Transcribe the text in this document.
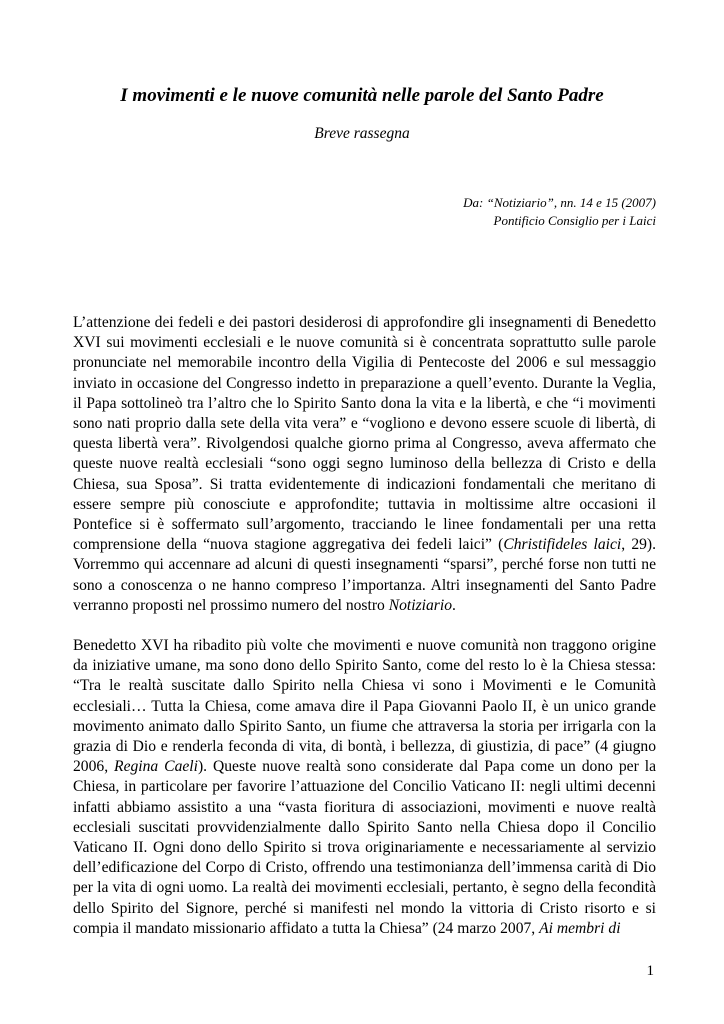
I movimenti e le nuove comunità nelle parole del Santo Padre
Breve rassegna
Da: “Notiziario”, nn. 14 e 15 (2007)
Pontificio Consiglio per i Laici

L’attenzione dei fedeli e dei pastori desiderosi di approfondire gli insegnamenti di Benedetto XVI sui movimenti ecclesiali e le nuove comunità si è concentrata soprattutto sulle parole pronunciate nel memorabile incontro della Vigilia di Pentecoste del 2006 e sul messaggio inviato in occasione del Congresso indetto in preparazione a quell’evento. Durante la Veglia, il Papa sottolineò tra l’altro che lo Spirito Santo dona la vita e la libertà, e che “i movimenti sono nati proprio dalla sete della vita vera” e “vogliono e devono essere scuole di libertà, di questa libertà vera”. Rivolgendosi qualche giorno prima al Congresso, aveva affermato che queste nuove realtà ecclesiali “sono oggi segno luminoso della bellezza di Cristo e della Chiesa, sua Sposa”. Si tratta evidentemente di indicazioni fondamentali che meritano di essere sempre più conosciute e approfondite; tuttavia in moltissime altre occasioni il Pontefice si è soffermato sull’argomento, tracciando le linee fondamentali per una retta comprensione della “nuova stagione aggregativa dei fedeli laici” (Christifideles laici, 29). Vorremmo qui accennare ad alcuni di questi insegnamenti “sparsi”, perché forse non tutti ne sono a conoscenza o ne hanno compreso l’importanza. Altri insegnamenti del Santo Padre verranno proposti nel prossimo numero del nostro Notiziario.

Benedetto XVI ha ribadito più volte che movimenti e nuove comunità non traggono origine da iniziative umane, ma sono dono dello Spirito Santo, come del resto lo è la Chiesa stessa: “Tra le realtà suscitate dallo Spirito nella Chiesa vi sono i Movimenti e le Comunità ecclesiali… Tutta la Chiesa, come amava dire il Papa Giovanni Paolo II, è un unico grande movimento animato dallo Spirito Santo, un fiume che attraversa la storia per irrigarla con la grazia di Dio e renderla feconda di vita, di bontà, i bellezza, di giustizia, di pace” (4 giugno 2006, Regina Caeli). Queste nuove realtà sono considerate dal Papa come un dono per la Chiesa, in particolare per favorire l’attuazione del Concilio Vaticano II: negli ultimi decenni infatti abbiamo assistito a una “vasta fioritura di associazioni, movimenti e nuove realtà ecclesiali suscitati provvidenzialmente dallo Spirito Santo nella Chiesa dopo il Concilio Vaticano II. Ogni dono dello Spirito si trova originariamente e necessariamente al servizio dell’edificazione del Corpo di Cristo, offrendo una testimonianza dell’immensa carità di Dio per la vita di ogni uomo. La realtà dei movimenti ecclesiali, pertanto, è segno della fecondità dello Spirito del Signore, perché si manifesti nel mondo la vittoria di Cristo risorto e si compia il mandato missionario affidato a tutta la Chiesa” (24 marzo 2007, Ai membri di

1
